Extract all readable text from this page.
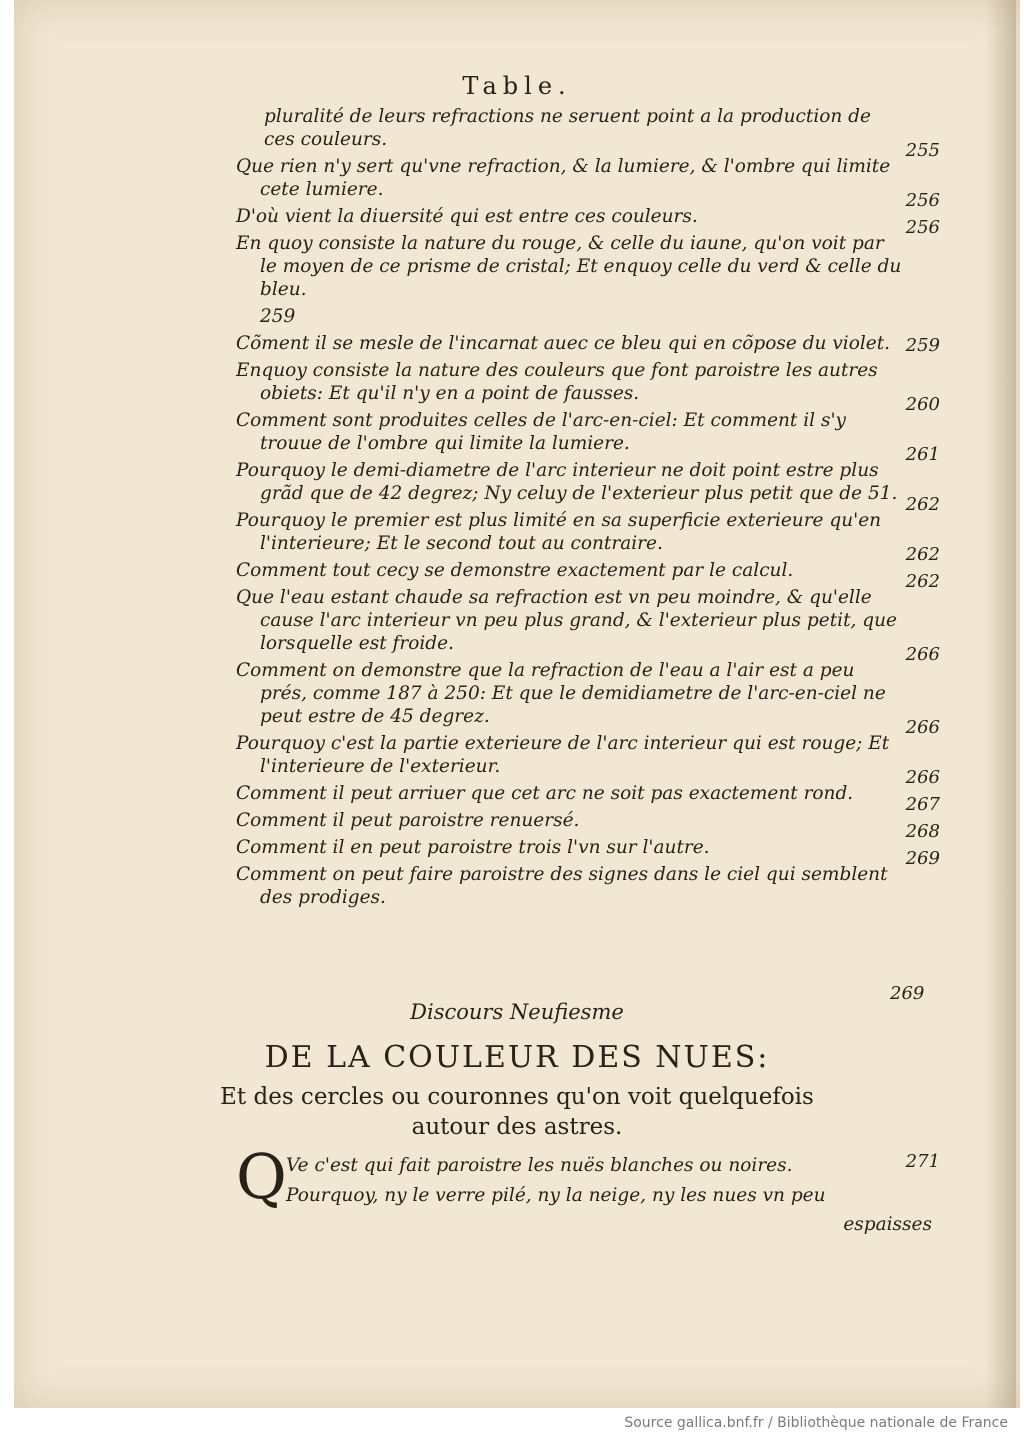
Table.
pluralité de leurs refractions ne seruent point a la production de ces couleurs.
255
Que rien n'y sert qu'vne refraction, & la lumiere, & l'ombre qui limite cete lumiere.
256
D'où vient la diuersité qui est entre ces couleurs.
256
En quoy consiste la nature du rouge, & celle du iaune, qu'on voit par le moyen de ce prisme de cristal; Et enquoy celle du verd & celle du bleu.
259
259
Cõment il se mesle de l'incarnat auec ce bleu qui en cõpose du violet.
Enquoy consiste la nature des couleurs que font paroistre les autres obiets: Et qu'il n'y en a point de fausses.
260
Comment sont produites celles de l'arc-en-ciel: Et comment il s'y trouue de l'ombre qui limite la lumiere.
261
Pourquoy le demi-diametre de l'arc interieur ne doit point estre plus grãd que de 42 degrez; Ny celuy de l'exterieur plus petit que de 51.
262
Pourquoy le premier est plus limité en sa superficie exterieure qu'en l'interieure; Et le second tout au contraire.
262
Comment tout cecy se demonstre exactement par le calcul.
262
Que l'eau estant chaude sa refraction est vn peu moindre, & qu'elle cause l'arc interieur vn peu plus grand, & l'exterieur plus petit, que lorsquelle est froide.
266
Comment on demonstre que la refraction de l'eau a l'air est a peu prés, comme 187 à 250: Et que le demidiametre de l'arc-en-ciel ne peut estre de 45 degrez.
266
Pourquoy c'est la partie exterieure de l'arc interieur qui est rouge; Et l'interieure de l'exterieur.
266
Comment il peut arriuer que cet arc ne soit pas exactement rond.
267
Comment il peut paroistre renuersé.
268
Comment il en peut paroistre trois l'vn sur l'autre.
269
Comment on peut faire paroistre des signes dans le ciel qui semblent des prodiges.
269
Discours Neufiesme
DE LA COULEUR DES NUES:
Et des cercles ou couronnes qu'on voit quelquefois
autour des astres.
Q	271
Ve c'est qui fait paroistre les nuës blanches ou noires.
Pourquoy, ny le verre pilé, ny la neige, ny les nues vn peu
espaisses
Source gallica.bnf.fr / Bibliothèque nationale de France
